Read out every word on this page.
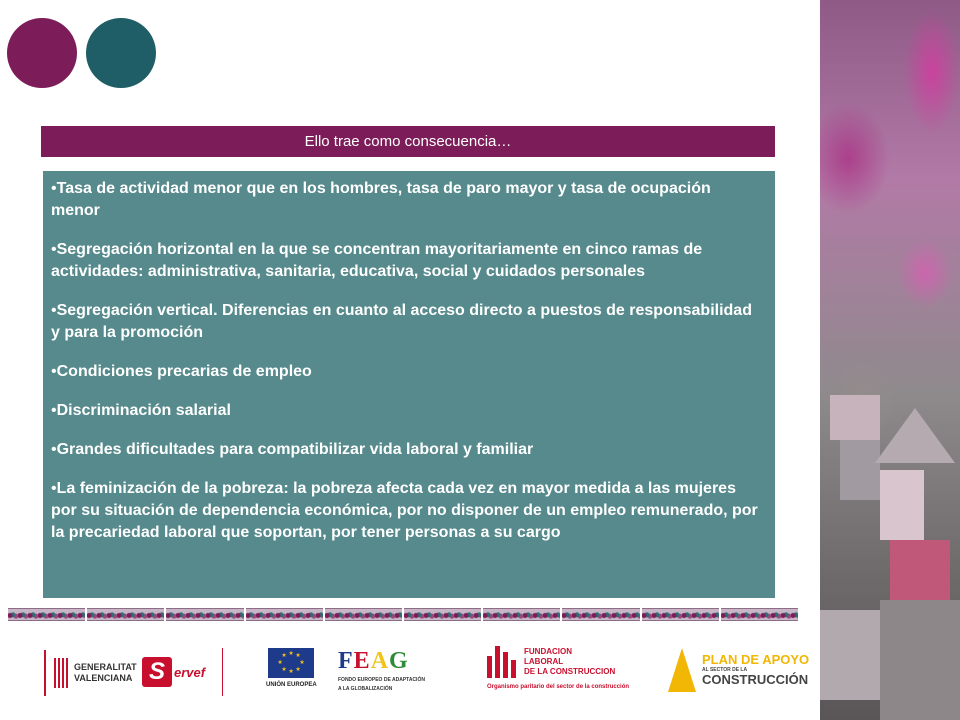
Ello trae como consecuencia…

•Tasa de actividad menor que en los hombres, tasa de paro mayor y tasa de ocupación menor

•Segregación horizontal en la que se concentran mayoritariamente en cinco ramas de actividades: administrativa, sanitaria, educativa, social y cuidados personales

•Segregación vertical. Diferencias en cuanto al acceso directo a puestos de responsabilidad y para la promoción

•Condiciones precarias de empleo

•Discriminación salarial

•Grandes dificultades para compatibilizar vida laboral y familiar

•La feminización de la pobreza: la pobreza afecta cada vez en mayor medida a las mujeres por su situación de dependencia económica, por no disponer de un empleo remunerado, por la precariedad laboral que soportan, por tener personas a su cargo

GENERALITAT
VALENCIANA S ervef
★ ★
★
★
★
★
★
★
UNIÓN EUROPEA
FEAG
FONDO EUROPEO DE ADAPTACIÓN
A LA GLOBALIZACIÓN
FUNDACION
LABORAL
DE LA CONSTRUCCION
Organismo paritario del sector de la construcción
PLAN DE APOYO
AL SECTOR DE LA
CONSTRUCCIÓN
